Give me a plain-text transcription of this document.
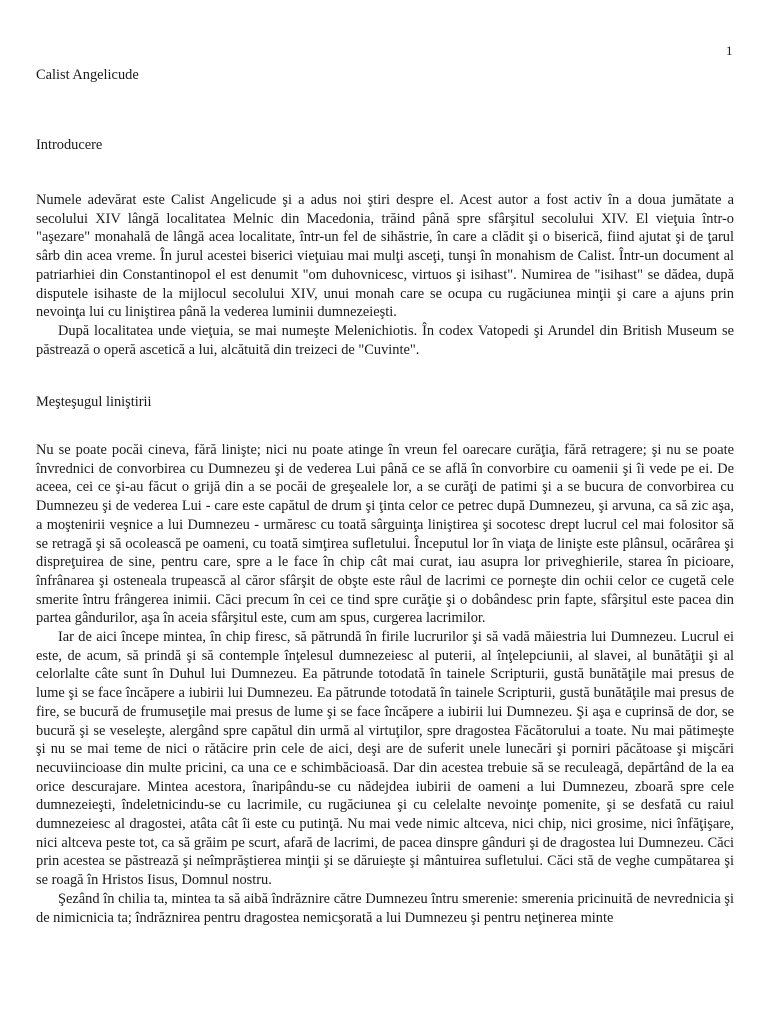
1
Calist Angelicude
Introducere

Numele adevărat este Calist Angelicude şi a adus noi ştiri despre el. Acest autor a fost activ în a doua jumătate a secolului XIV lângă localitatea Melnic din Macedonia, trăind până spre sfârşitul secolului XIV. El vieţuia într-o "aşezare" monahală de lângă acea localitate, într-un fel de sihăstrie, în care a clădit şi o biserică, fiind ajutat şi de ţarul sârb din acea vreme. În jurul acestei biserici vieţuiau mai mulţi asceţi, tunşi în monahism de Calist. Într-un document al patriarhiei din Constantinopol el est denumit "om duhovnicesc, virtuos şi isihast". Numirea de "isihast" se dădea, după disputele isihaste de la mijlocul secolului XIV, unui monah care se ocupa cu rugăciunea minţii şi care a ajuns prin nevoinţa lui cu liniştirea până la vederea luminii dumnezeieşti.

După localitatea unde vieţuia, se mai numeşte Melenichiotis. În codex Vatopedi şi Arundel din British Museum se păstrează o operă ascetică a lui, alcătuită din treizeci de "Cuvinte".

Meşteşugul liniştirii

Nu se poate pocăi cineva, fără linişte; nici nu poate atinge în vreun fel oarecare curăţia, fără retragere; şi nu se poate învrednici de convorbirea cu Dumnezeu şi de vederea Lui până ce se află în convorbire cu oamenii şi îi vede pe ei. De aceea, cei ce şi-au făcut o grijă din a se pocăi de greşealele lor, a se curăţi de patimi şi a se bucura de convorbirea cu Dumnezeu şi de vederea Lui - care este capătul de drum şi ţinta celor ce petrec după Dumnezeu, şi arvuna, ca să zic aşa, a moştenirii veşnice a lui Dumnezeu - urmăresc cu toată sârguinţa liniştirea şi socotesc drept lucrul cel mai folositor să se retragă şi să ocolească pe oameni, cu toată simţirea sufletului. Începutul lor în viaţa de linişte este plânsul, ocărârea şi dispreţuirea de sine, pentru care, spre a le face în chip cât mai curat, iau asupra lor priveghierile, starea în picioare, înfrânarea şi osteneala trupească al căror sfârşit de obşte este râul de lacrimi ce porneşte din ochii celor ce cugetă cele smerite întru frângerea inimii. Căci precum în cei ce tind spre curăţie şi o dobândesc prin fapte, sfârşitul este pacea din partea gândurilor, aşa în aceia sfârşitul este, cum am spus, curgerea lacrimilor.

Iar de aici începe mintea, în chip firesc, să pătrundă în firile lucrurilor şi să vadă măiestria lui Dumnezeu. Lucrul ei este, de acum, să prindă şi să contemple înţelesul dumnezeiesc al puterii, al înţelepciunii, al slavei, al bunătăţii şi al celorlalte câte sunt în Duhul lui Dumnezeu. Ea pătrunde totodată în tainele Scripturii, gustă bunătăţile mai presus de lume şi se face încăpere a iubirii lui Dumnezeu. Ea pătrunde totodată în tainele Scripturii, gustă bunătăţile mai presus de fire, se bucură de frumuseţile mai presus de lume şi se face încăpere a iubirii lui Dumnezeu. Şi aşa e cuprinsă de dor, se bucură şi se veseleşte, alergând spre capătul din urmă al virtuţilor, spre dragostea Făcătorului a toate. Nu mai pătimeşte şi nu se mai teme de nici o rătăcire prin cele de aici, deşi are de suferit unele lunecări şi porniri păcătoase şi mişcări necuviincioase din multe pricini, ca una ce e schimbăcioasă. Dar din acestea trebuie să se reculeagă, depărtând de la ea orice descurajare. Mintea acestora, înaripându-se cu nădejdea iubirii de oameni a lui Dumnezeu, zboară spre cele dumnezeieşti, îndeletnicindu-se cu lacrimile, cu rugăciunea şi cu celelalte nevoinţe pomenite, şi se desfată cu raiul dumnezeiesc al dragostei, atâta cât îi este cu putinţă. Nu mai vede nimic altceva, nici chip, nici grosime, nici înfăţişare, nici altceva peste tot, ca să grăim pe scurt, afară de lacrimi, de pacea dinspre gânduri şi de dragostea lui Dumnezeu. Căci prin acestea se păstrează şi neîmprăştierea minţii şi se dăruieşte şi mântuirea sufletului. Căci stă de veghe cumpătarea şi se roagă în Hristos Iisus, Domnul nostru.

Şezând în chilia ta, mintea ta să aibă îndrăznire către Dumnezeu întru smerenie: smerenia pricinuită de nevrednicia şi de nimicnicia ta; îndrăznirea pentru dragostea nemicşorată a lui Dumnezeu şi pentru neţinerea minte
